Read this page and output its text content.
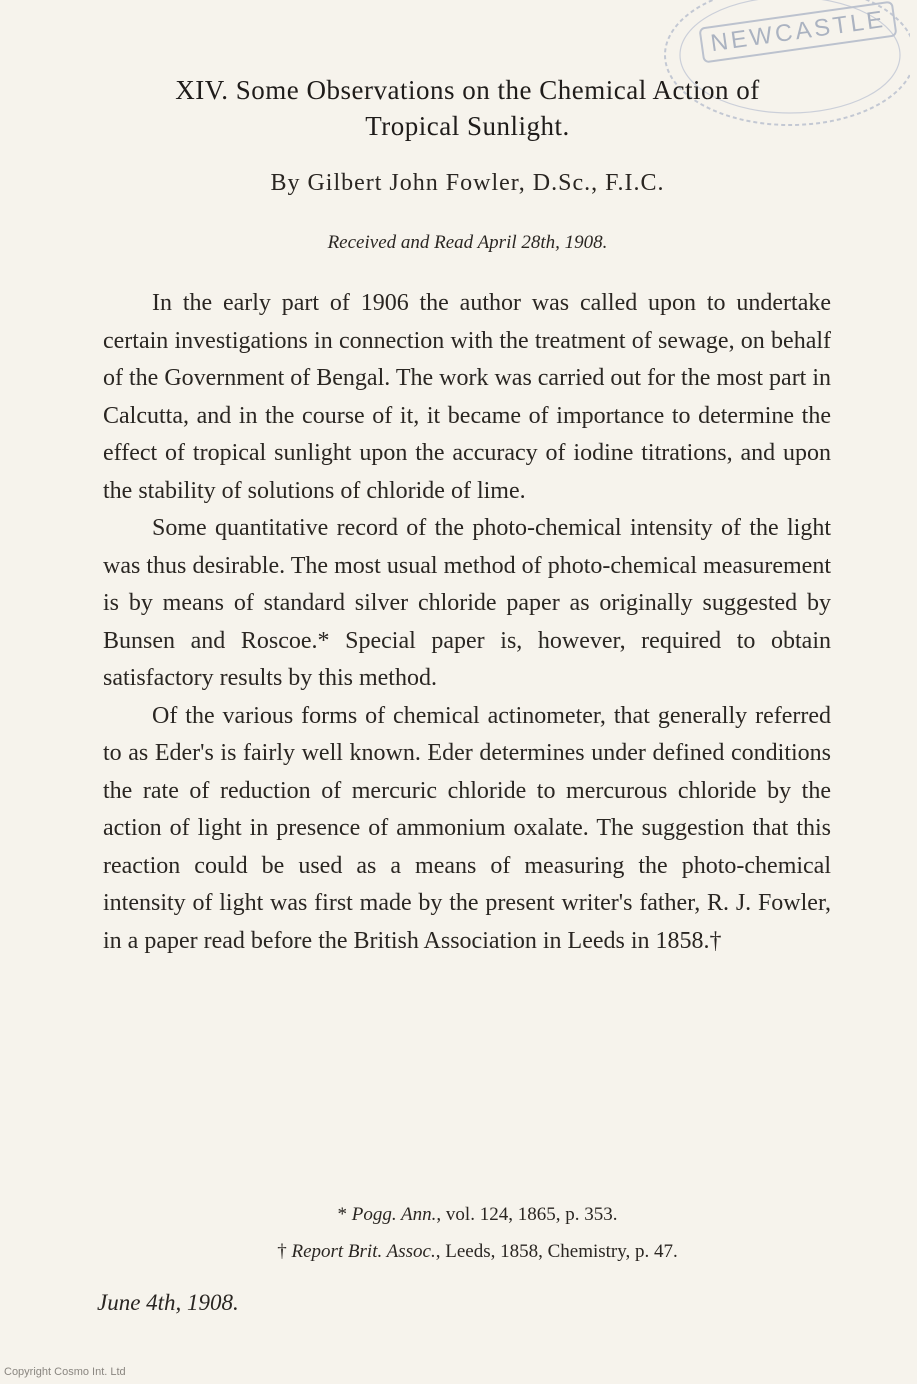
NEWCASTLE
XIV. Some Observations on the Chemical Action of
Tropical Sunlight.
By Gilbert John Fowler, D.Sc., F.I.C.
Received and Read April 28th, 1908.

In the early part of 1906 the author was called upon to undertake certain investigations in connection with the treatment of sewage, on behalf of the Government of Bengal. The work was carried out for the most part in Calcutta, and in the course of it, it became of importance to determine the effect of tropical sunlight upon the accuracy of iodine titrations, and upon the stability of solutions of chloride of lime.

Some quantitative record of the photo-chemical intensity of the light was thus desirable. The most usual method of photo-chemical measurement is by means of standard silver chloride paper as originally suggested by Bunsen and Roscoe.* Special paper is, however, required to obtain satisfactory results by this method.

Of the various forms of chemical actinometer, that generally referred to as Eder's is fairly well known. Eder determines under defined conditions the rate of reduction of mercuric chloride to mercurous chloride by the action of light in presence of ammonium oxalate. The suggestion that this reaction could be used as a means of measuring the photo-chemical intensity of light was first made by the present writer's father, R. J. Fowler, in a paper read before the British Association in Leeds in 1858.†

* Pogg. Ann., vol. 124, 1865, p. 353.
† Report Brit. Assoc., Leeds, 1858, Chemistry, p. 47.
June 4th, 1908.
Copyright Cosmo Int. Ltd
